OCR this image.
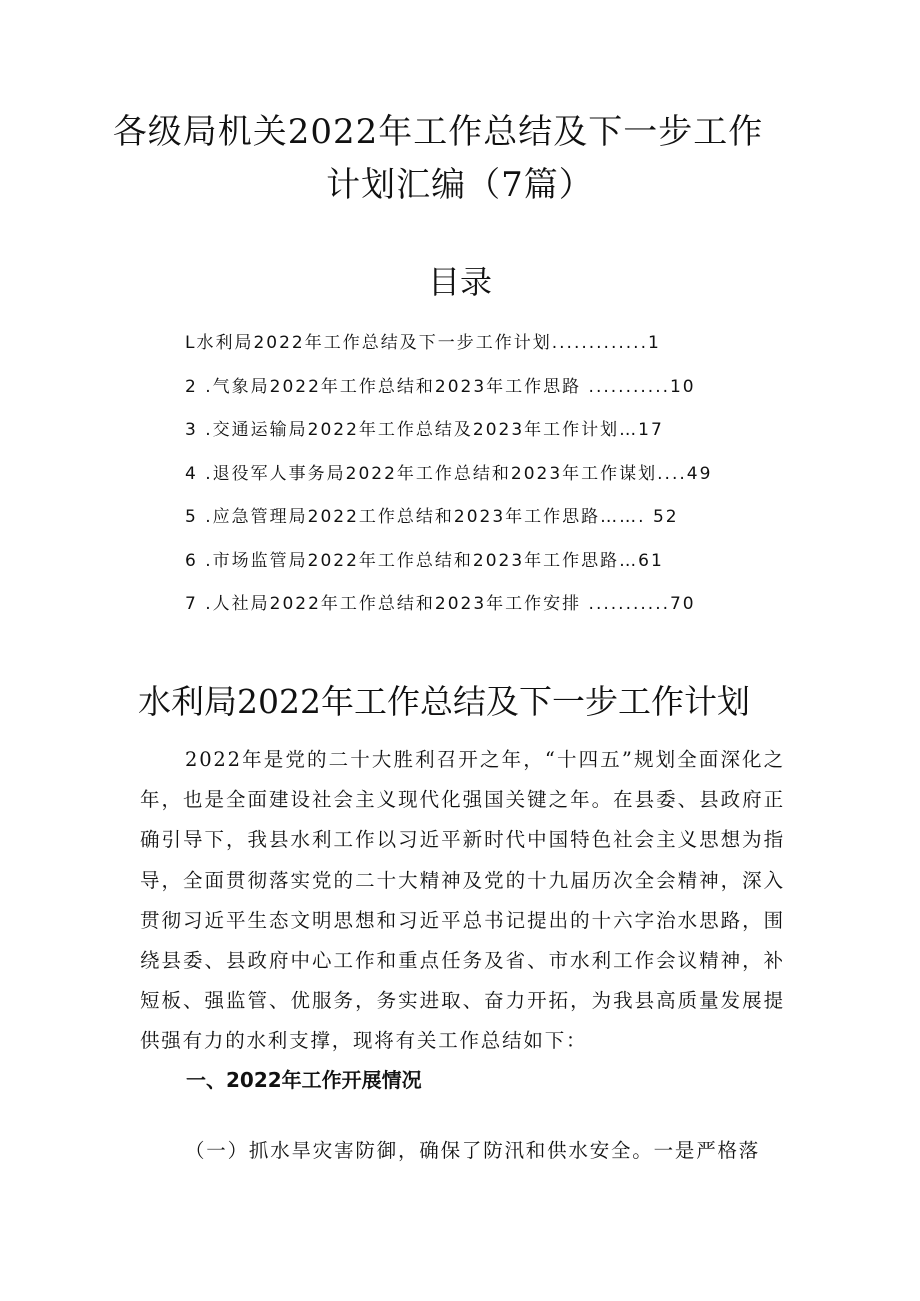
各级局机关2022年工作总结及下一步工作
计划汇编（7篇）
目录
L水利局2022年工作总结及下一步工作计划.............1
2 .气象局2022年工作总结和2023年工作思路 ...........10
3 .交通运输局2022年工作总结及2023年工作计划…17
4 .退役军人事务局2022年工作总结和2023年工作谋划....49
5 .应急管理局2022工作总结和2023年工作思路……. 52
6 .市场监管局2022年工作总结和2023年工作思路…61
7 .人社局2022年工作总结和2023年工作安排 ...........70
水利局2022年工作总结及下一步工作计划

2022年是党的二十大胜利召开之年，“十四五”规划全面深化之年，也是全面建设社会主义现代化强国关键之年。在县委、县政府正确引导下，我县水利工作以习近平新时代中国特色社会主义思想为指导，全面贯彻落实党的二十大精神及党的十九届历次全会精神，深入贯彻习近平生态文明思想和习近平总书记提出的十六字治水思路，围绕县委、县政府中心工作和重点任务及省、市水利工作会议精神，补短板、强监管、优服务，务实进取、奋力开拓，为我县高质量发展提供强有力的水利支撑，现将有关工作总结如下：

一、2022年工作开展情况

（一）抓水旱灾害防御，确保了防汛和供水安全。一是严格落
